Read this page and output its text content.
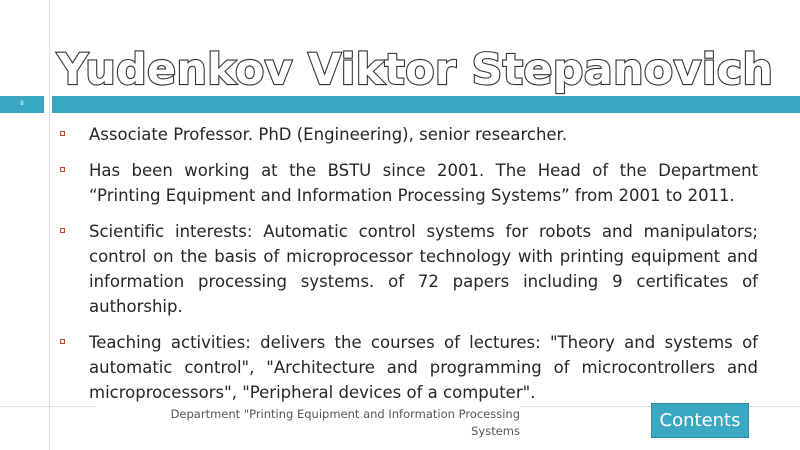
Yudenkov Viktor Stepanovich
8
Associate Professor. PhD (Engineering), senior researcher.
Has been working at the BSTU since 2001. The Head of the Department “Printing Equipment and Information Processing Systems” from 2001 to 2011.
Scientific interests: Automatic control systems for robots and manipulators; control on the basis of microprocessor technology with printing equipment and information processing systems. of 72 papers including 9 certificates of authorship.
Teaching activities: delivers the courses of lectures: "Theory and systems of automatic control", "Architecture and programming of microcontrollers and microprocessors", "Peripheral devices of a computer".
Department "Printing Equipment and Information Processing
Systems	Contents
